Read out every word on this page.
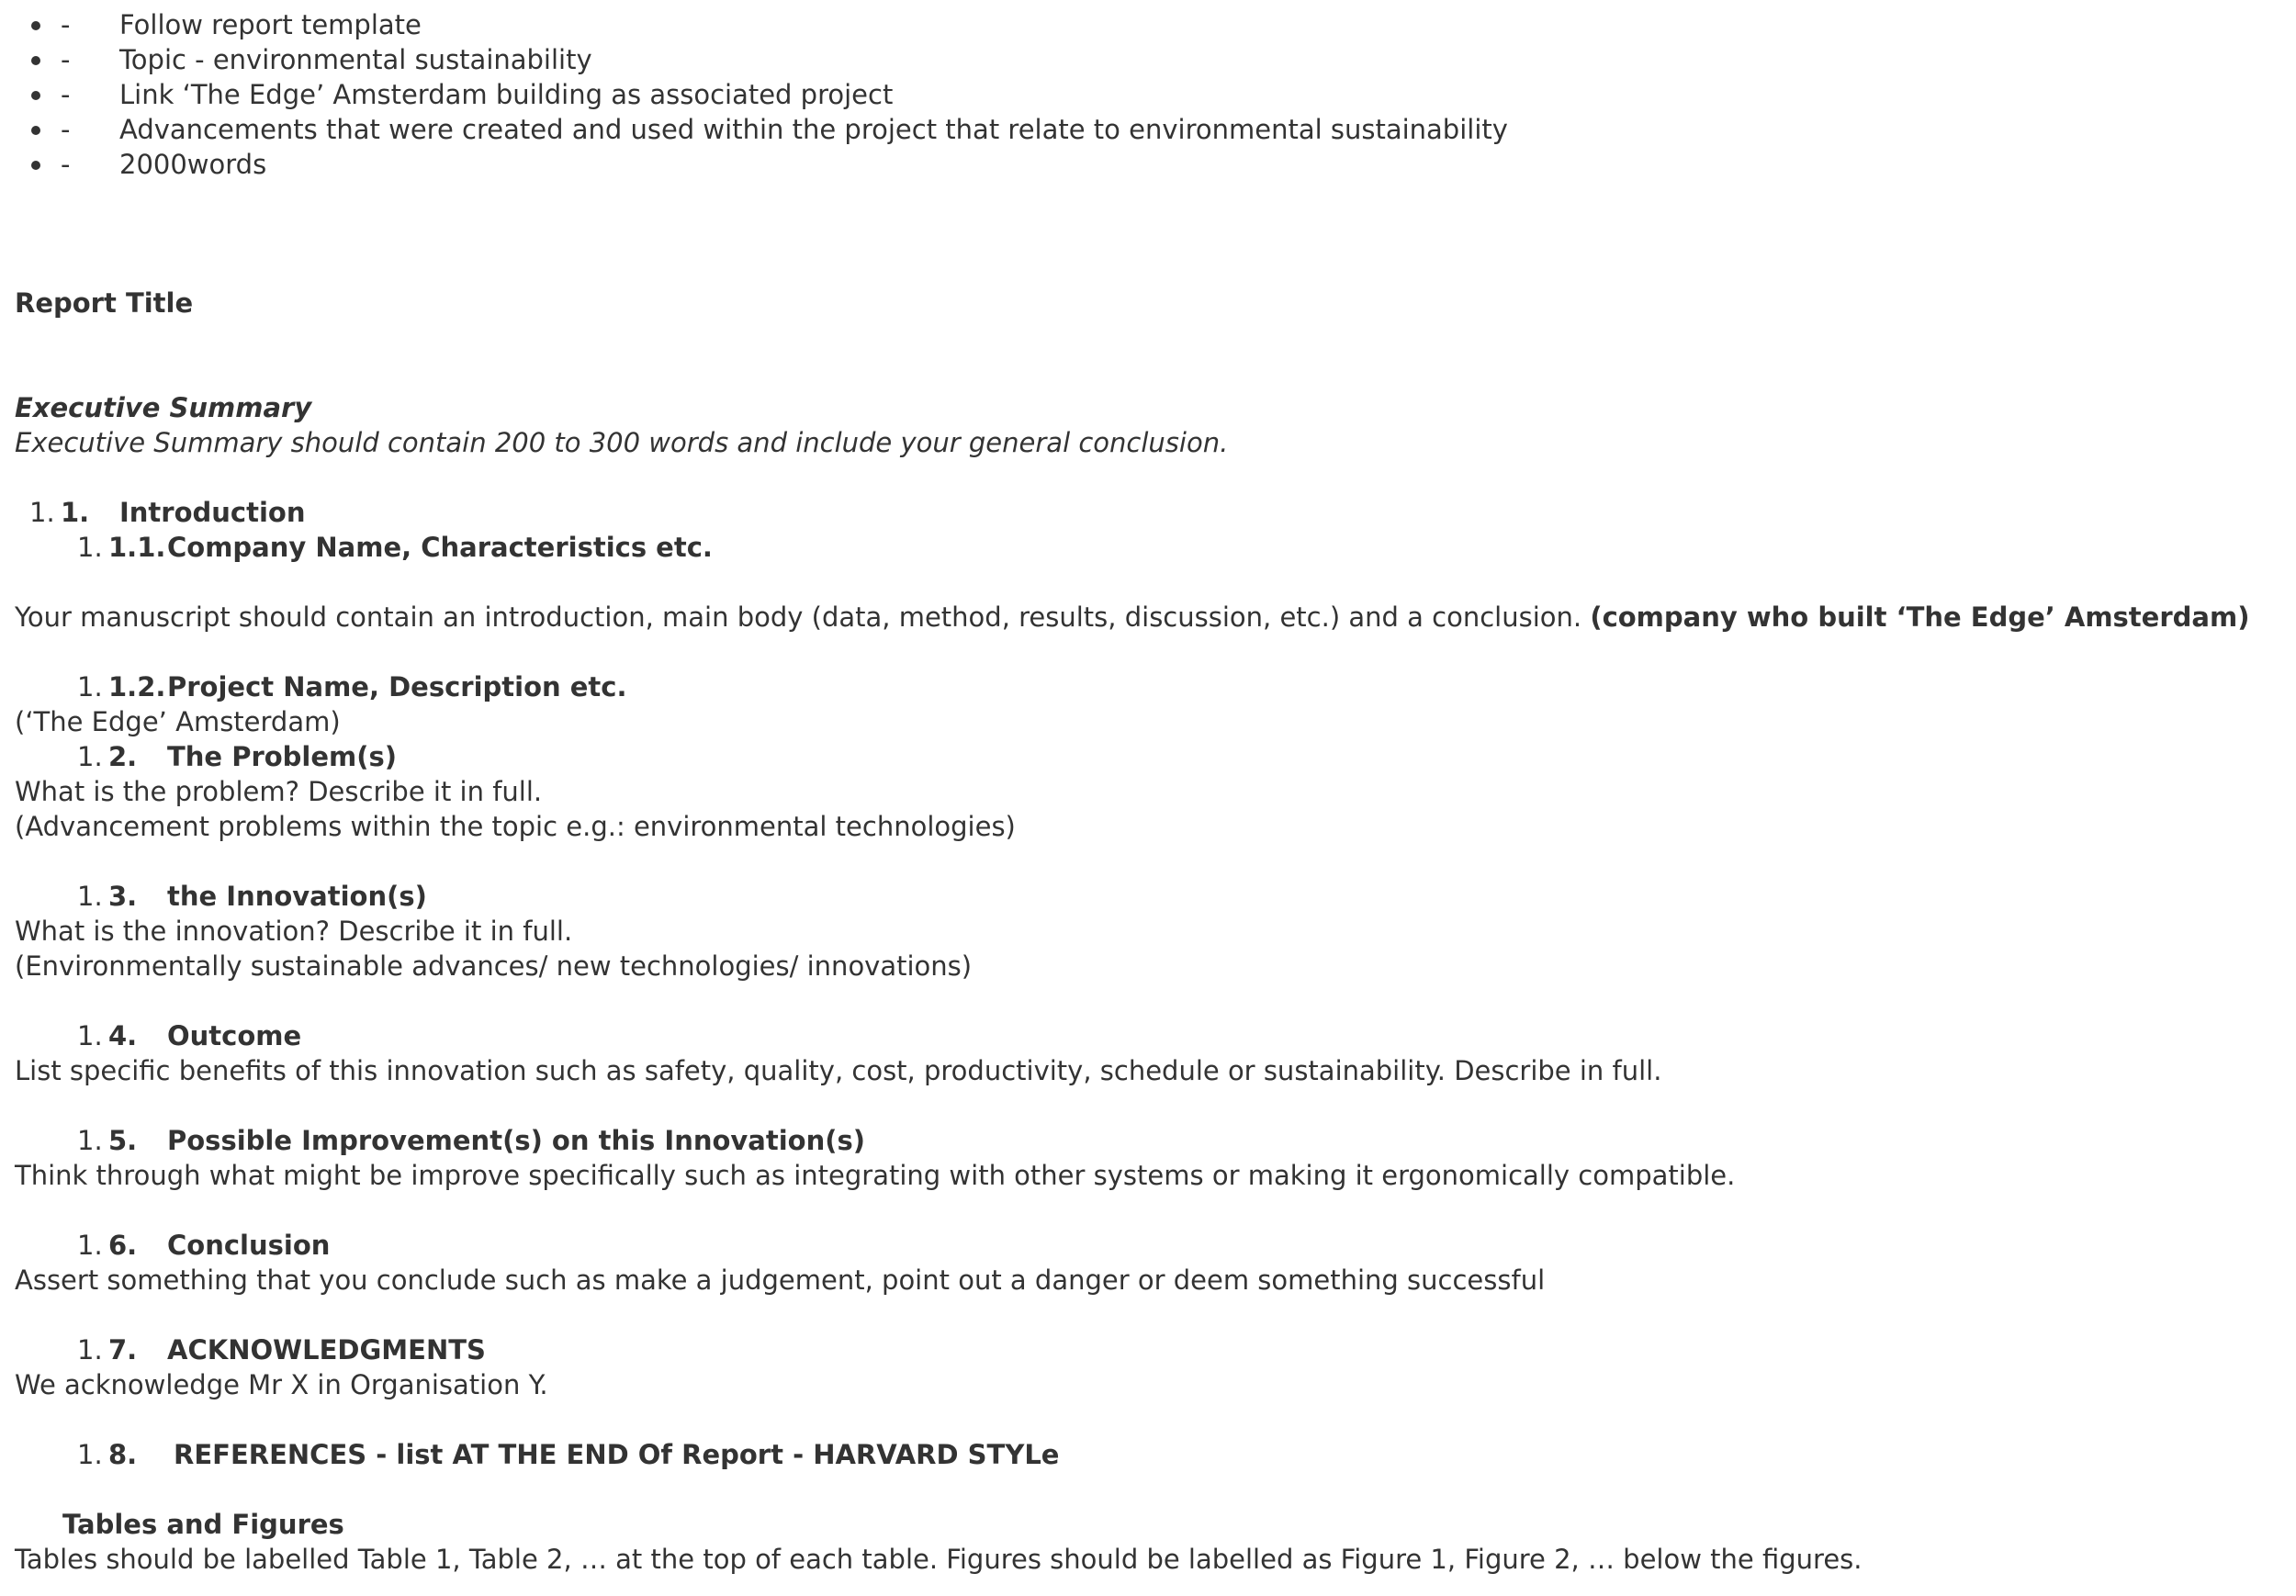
- Follow report template
- Topic - environmental sustainability
- Link ‘The Edge’ Amsterdam building as associated project
- Advancements that were created and used within the project that relate to environmental sustainability
- 2000words
Report Title
Executive Summary
Executive Summary should contain 200 to 300 words and include your general conclusion.
1. 1. Introduction
1. 1.1. Company Name, Characteristics etc.
Your manuscript should contain an introduction, main body (data, method, results, discussion, etc.) and a conclusion. (company who built ‘The Edge’ Amsterdam)
1. 1.2. Project Name, Description etc.
(‘The Edge’ Amsterdam)
1. 2. The Problem(s)
What is the problem? Describe it in full.
(Advancement problems within the topic e.g.: environmental technologies)
1. 3. the Innovation(s)
What is the innovation? Describe it in full.
(Environmentally sustainable advances/ new technologies/ innovations)
1. 4. Outcome
List specific benefits of this innovation such as safety, quality, cost, productivity, schedule or sustainability. Describe in full.
1. 5. Possible Improvement(s) on this Innovation(s)
Think through what might be improve specifically such as integrating with other systems or making it ergonomically compatible.
1. 6. Conclusion
Assert something that you conclude such as make a judgement, point out a danger or deem something successful
1. 7. ACKNOWLEDGMENTS
We acknowledge Mr X in Organisation Y.
1. 8. REFERENCES - list AT THE END Of Report - HARVARD STYLe
Tables and Figures
Tables should be labelled Table 1, Table 2, … at the top of each table. Figures should be labelled as Figure 1, Figure 2, … below the figures.
